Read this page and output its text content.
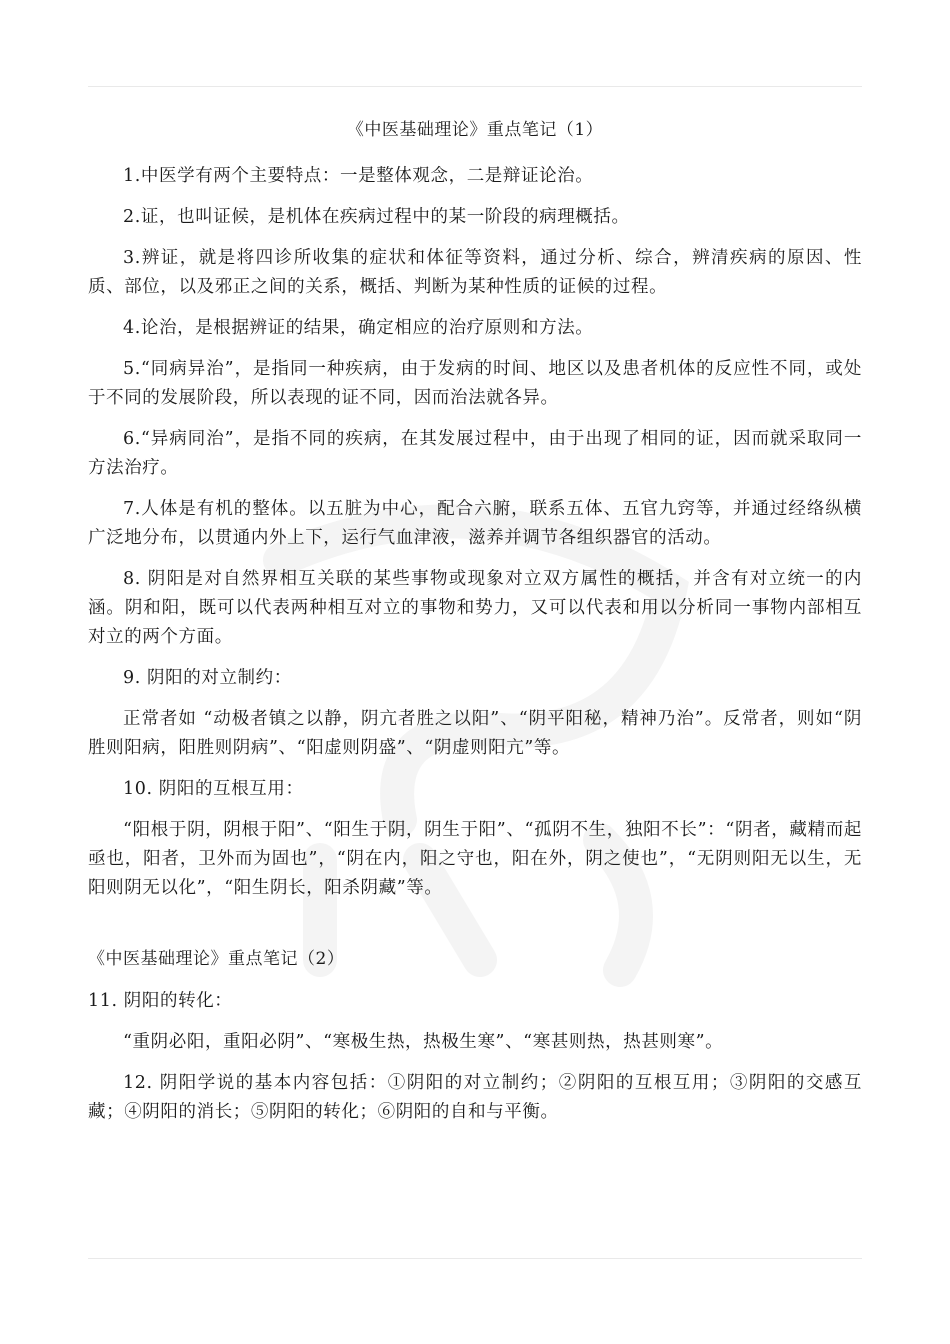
《中医基础理论》重点笔记（1）

1.中医学有两个主要特点：一是整体观念，二是辩证论治。

2.证，也叫证候，是机体在疾病过程中的某一阶段的病理概括。

3.辨证，就是将四诊所收集的症状和体征等资料，通过分析、综合，辨清疾病的原因、性质、部位，以及邪正之间的关系，概括、判断为某种性质的证候的过程。

4.论治，是根据辨证的结果，确定相应的治疗原则和方法。

5.“同病异治”，是指同一种疾病，由于发病的时间、地区以及患者机体的反应性不同，或处于不同的发展阶段，所以表现的证不同，因而治法就各异。

6.“异病同治”，是指不同的疾病，在其发展过程中，由于出现了相同的证，因而就采取同一方法治疗。

7.人体是有机的整体。以五脏为中心，配合六腑，联系五体、五官九窍等，并通过经络纵横广泛地分布，以贯通内外上下，运行气血津液，滋养并调节各组织器官的活动。

8. 阴阳是对自然界相互关联的某些事物或现象对立双方属性的概括，并含有对立统一的内涵。阴和阳，既可以代表两种相互对立的事物和势力，又可以代表和用以分析同一事物内部相互对立的两个方面。

9. 阴阳的对立制约：

正常者如 “动极者镇之以静，阴亢者胜之以阳”、“阴平阳秘，精神乃治”。反常者，则如“阴胜则阳病，阳胜则阴病”、“阳虚则阴盛”、“阴虚则阳亢”等。

10. 阴阳的互根互用：

“阳根于阴，阴根于阳”、“阳生于阴，阴生于阳”、“孤阴不生，独阳不长”：“阴者，藏精而起亟也，阳者，卫外而为固也”，“阴在内，阳之守也，阳在外，阴之使也”，“无阴则阳无以生，无阳则阴无以化”，“阳生阴长，阳杀阴藏”等。

《中医基础理论》重点笔记（2）

11. 阴阳的转化：

“重阴必阳，重阳必阴”、“寒极生热，热极生寒”、“寒甚则热，热甚则寒”。

12. 阴阳学说的基本内容包括：①阴阳的对立制约；②阴阳的互根互用；③阴阳的交感互藏；④阴阳的消长；⑤阴阳的转化；⑥阴阳的自和与平衡。
